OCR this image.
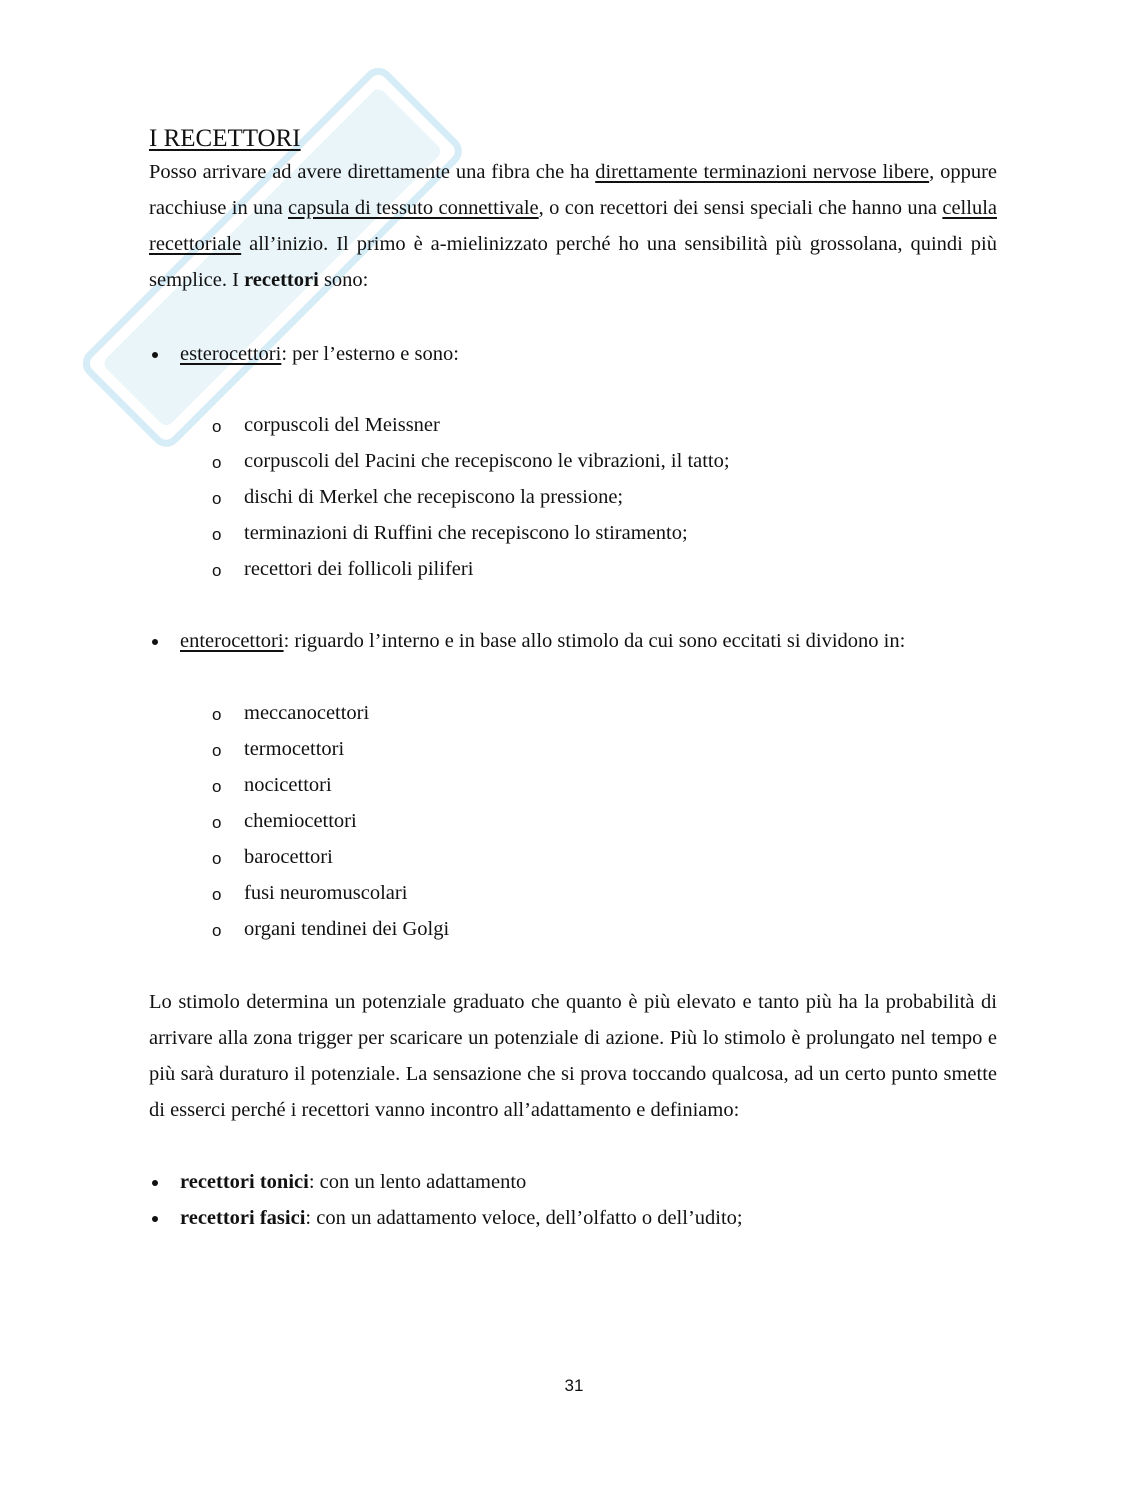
I RECETTORI

Posso arrivare ad avere direttamente una fibra che ha direttamente terminazioni nervose libere, oppure racchiuse in una capsula di tessuto connettivale, o con recettori dei sensi speciali che hanno una cellula recettoriale all’inizio. Il primo è a-mielinizzato perché ho una sensibilità più grossolana, quindi più semplice. I recettori sono:

esterocettori: per l’esterno e sono:
o corpuscoli del Meissner
o corpuscoli del Pacini che recepiscono le vibrazioni, il tatto;
o dischi di Merkel che recepiscono la pressione;
o terminazioni di Ruffini che recepiscono lo stiramento;
o recettori dei follicoli piliferi
enterocettori: riguardo l’interno e in base allo stimolo da cui sono eccitati si dividono in:
o meccanocettori
o termocettori
o nocicettori
o chemiocettori
o barocettori
o fusi neuromuscolari
o organi tendinei dei Golgi

Lo stimolo determina un potenziale graduato che quanto è più elevato e tanto più ha la probabilità di arrivare alla zona trigger per scaricare un potenziale di azione. Più lo stimolo è prolungato nel tempo e più sarà duraturo il potenziale. La sensazione che si prova toccando qualcosa, ad un certo punto smette di esserci perché i recettori vanno incontro all’adattamento e definiamo:

recettori tonici: con un lento adattamento
recettori fasici: con un adattamento veloce, dell’olfatto o dell’udito;
31
